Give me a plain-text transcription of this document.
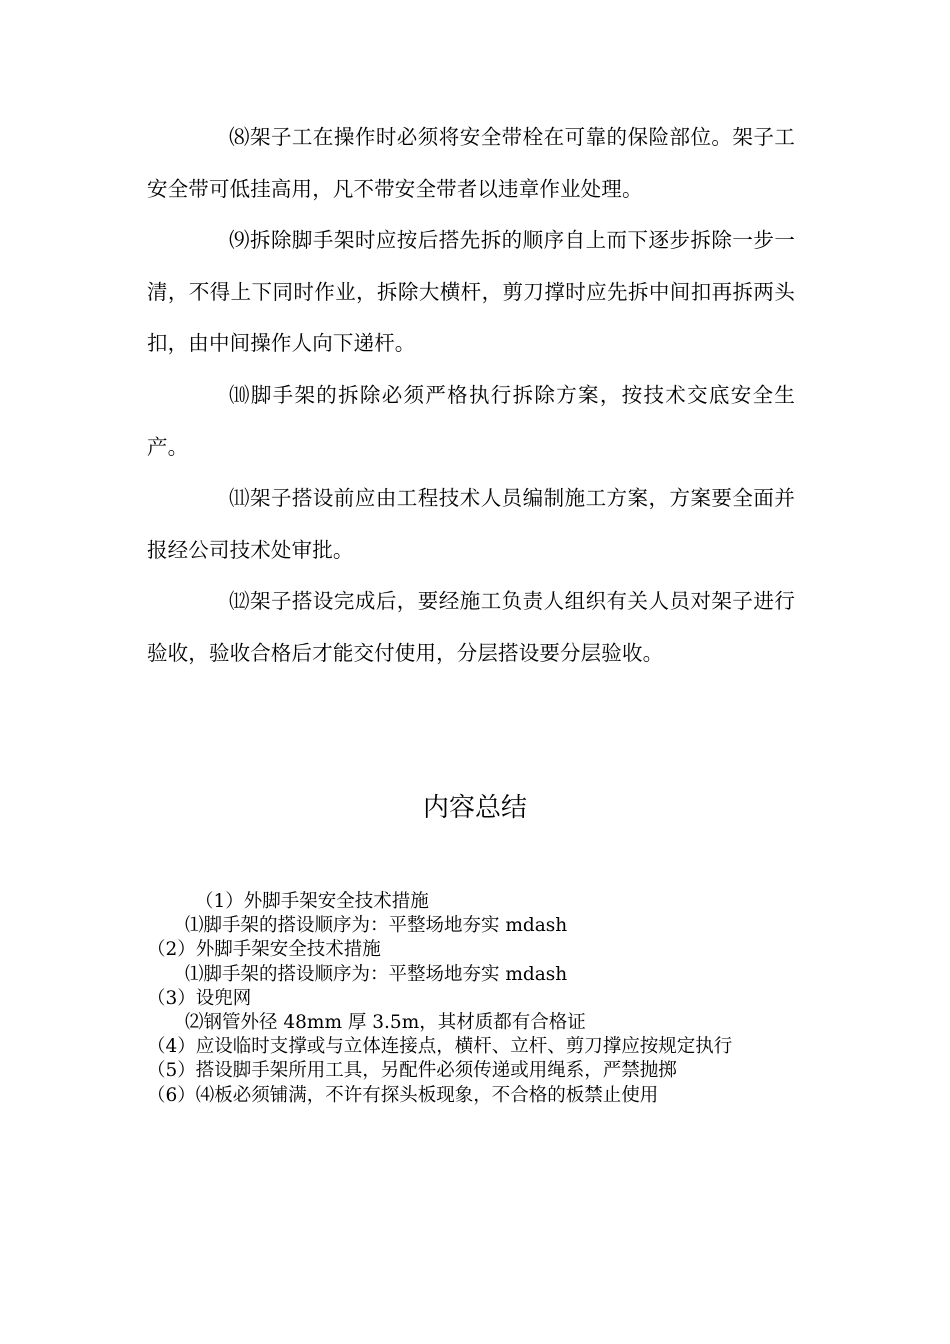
⑻架子工在操作时必须将安全带栓在可靠的保险部位。架子工安全带可低挂高用，凡不带安全带者以违章作业处理。

⑼拆除脚手架时应按后搭先拆的顺序自上而下逐步拆除一步一清，不得上下同时作业，拆除大横杆，剪刀撑时应先拆中间扣再拆两头扣，由中间操作人向下递杆。

⑽脚手架的拆除必须严格执行拆除方案，按技术交底安全生产。

⑾架子搭设前应由工程技术人员编制施工方案，方案要全面并报经公司技术处审批。

⑿架子搭设完成后，要经施工负责人组织有关人员对架子进行验收，验收合格后才能交付使用，分层搭设要分层验收。

内容总结
（1）外脚手架安全技术措施
⑴脚手架的搭设顺序为：平整场地夯实 mdash
（2）外脚手架安全技术措施
⑴脚手架的搭设顺序为：平整场地夯实 mdash
（3）设兜网
⑵钢管外径 48mm 厚 3.5m，其材质都有合格证
（4）应设临时支撑或与立体连接点，横杆、立杆、剪刀撑应按规定执行
（5）搭设脚手架所用工具，另配件必须传递或用绳系，严禁抛掷
（6）⑷板必须铺满，不许有探头板现象，不合格的板禁止使用
